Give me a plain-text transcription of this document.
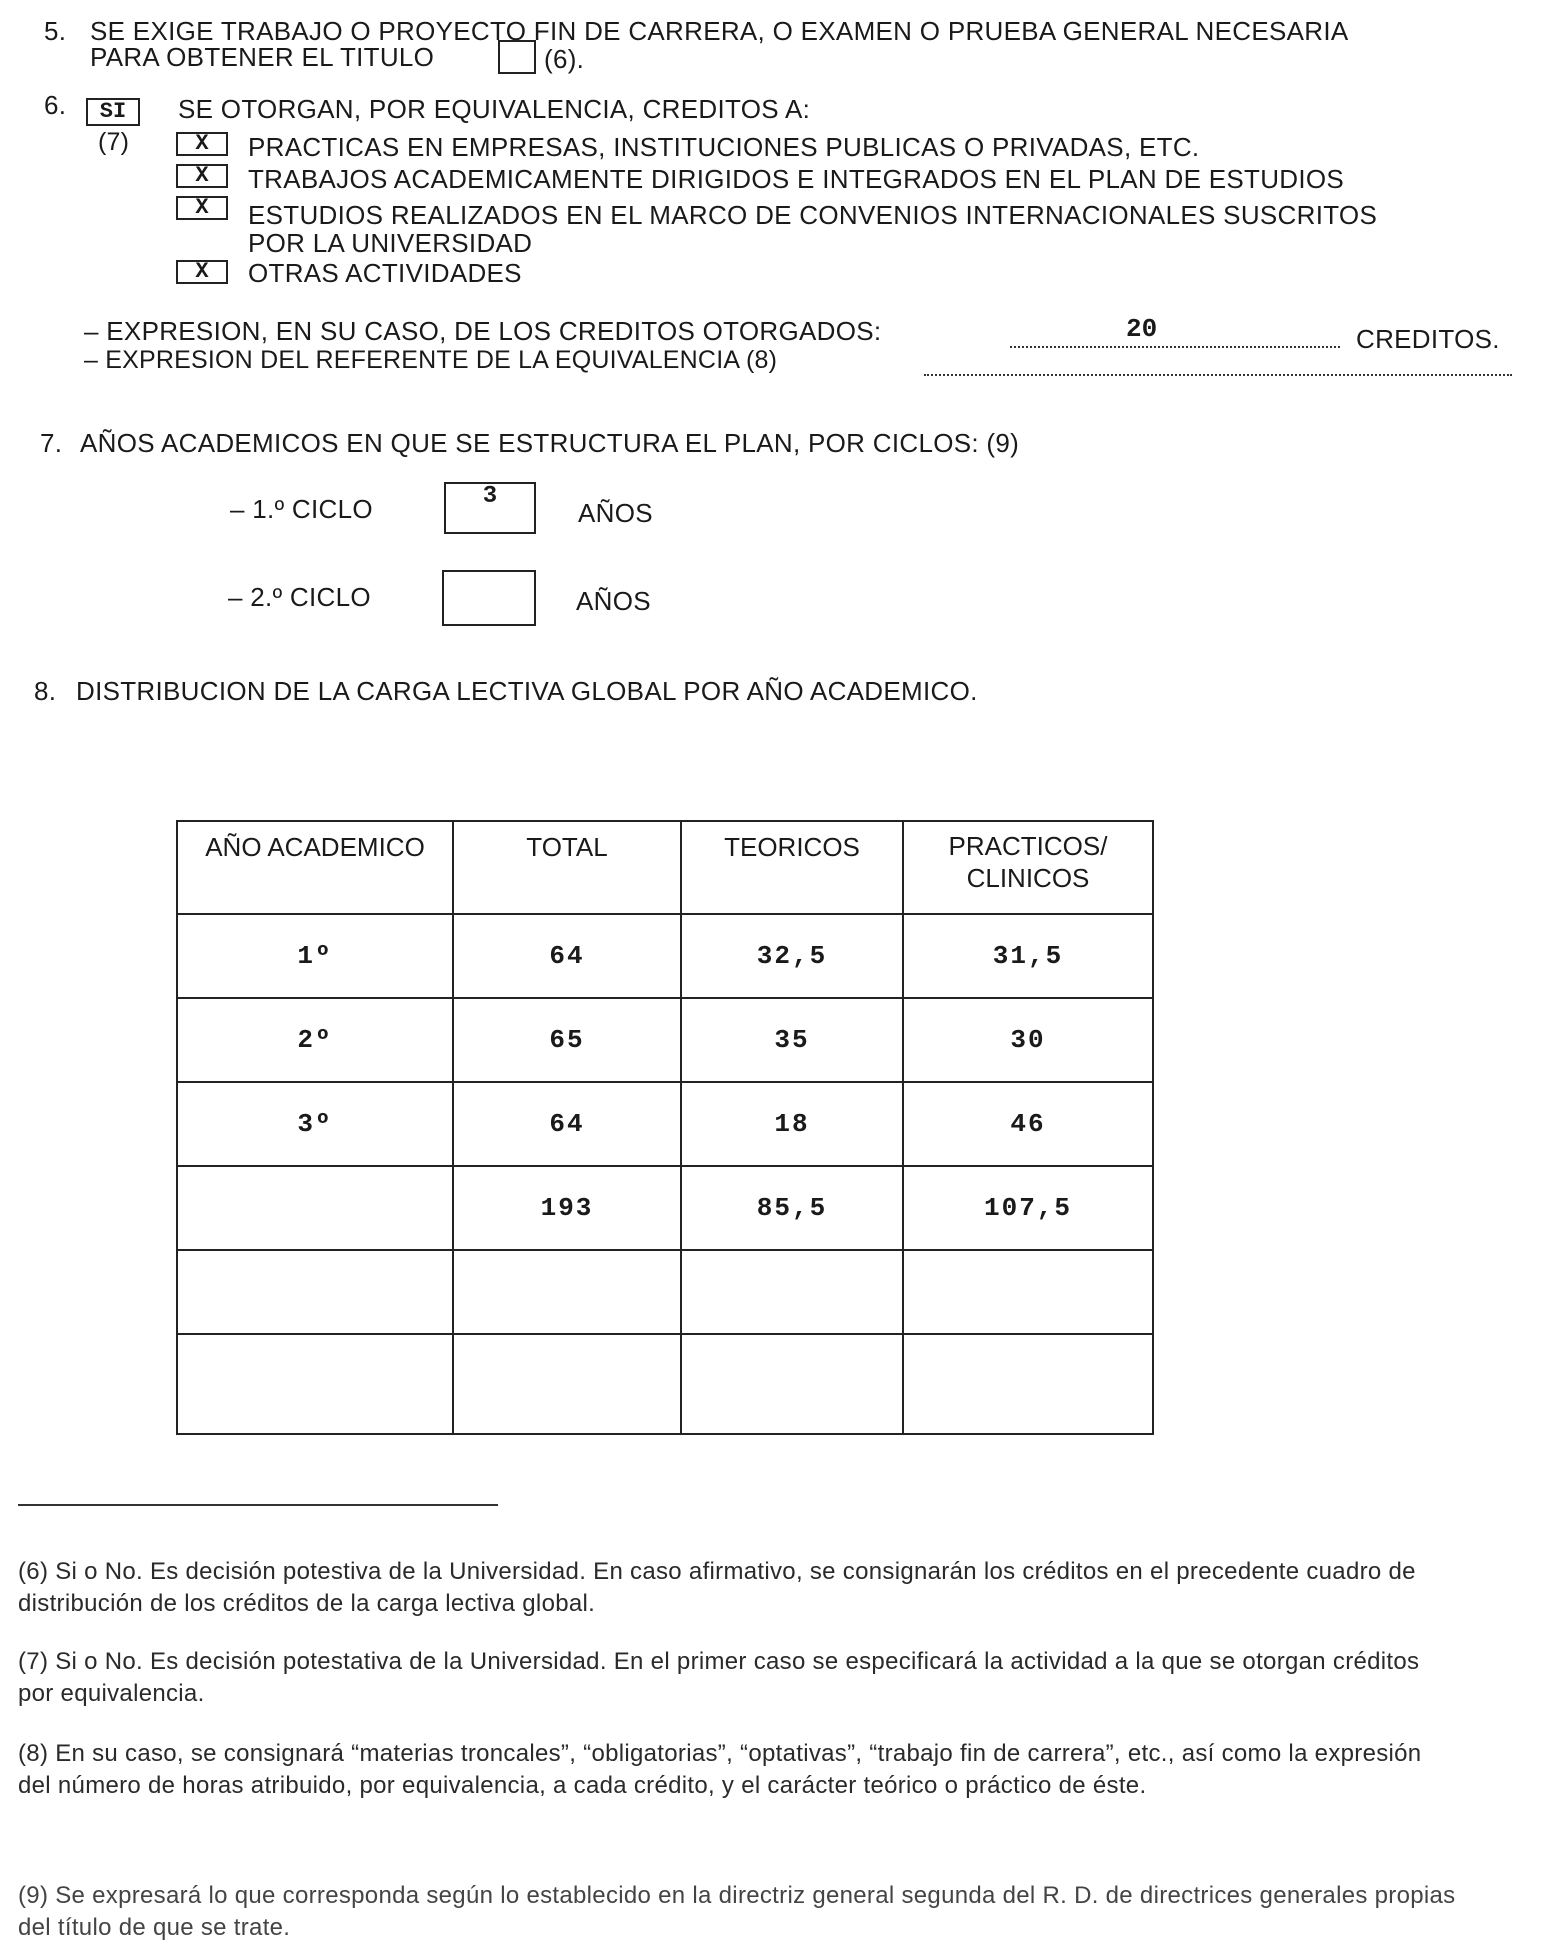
5. SE EXIGE TRABAJO O PROYECTO FIN DE CARRERA, O EXAMEN O PRUEBA GENERAL NECESARIA
PARA OBTENER EL TITULO	(6).
6.	SI
(7)
SE OTORGAN, POR EQUIVALENCIA, CREDITOS A:
X	PRACTICAS EN EMPRESAS, INSTITUCIONES PUBLICAS O PRIVADAS, ETC.
X	TRABAJOS ACADEMICAMENTE DIRIGIDOS E INTEGRADOS EN EL PLAN DE ESTUDIOS
X	ESTUDIOS REALIZADOS EN EL MARCO DE CONVENIOS INTERNACIONALES SUSCRITOS
POR LA UNIVERSIDAD
X	OTRAS ACTIVIDADES
– EXPRESION, EN SU CASO, DE LOS CREDITOS OTORGADOS:	20	CREDITOS.
– EXPRESION DEL REFERENTE DE LA EQUIVALENCIA (8)
7. AÑOS ACADEMICOS EN QUE SE ESTRUCTURA EL PLAN, POR CICLOS: (9)
– 1.º CICLO	3
AÑOS
– 2.º CICLO	AÑOS
8. DISTRIBUCION DE LA CARGA LECTIVA GLOBAL POR AÑO ACADEMICO.
AÑO ACADEMICO	TOTAL	TEORICOS	PRACTICOS/
CLINICOS
1º	64	32,5	31,5
2º	65	35	30
3º	64	18	46
	193	85,5	107,5

(6) Si o No. Es decisión potestiva de la Universidad. En caso afirmativo, se consignarán los créditos en el precedente cuadro de distribución de los créditos de la carga lectiva global.
(7) Si o No. Es decisión potestativa de la Universidad. En el primer caso se especificará la actividad a la que se otorgan créditos por equivalencia.
(8) En su caso, se consignará “materias troncales”, “obligatorias”, “optativas”, “trabajo fin de carrera”, etc., así como la expresión del número de horas atribuido, por equivalencia, a cada crédito, y el carácter teórico o práctico de éste.
(9) Se expresará lo que corresponda según lo establecido en la directriz general segunda del R. D. de directrices generales propias del título de que se trate.
